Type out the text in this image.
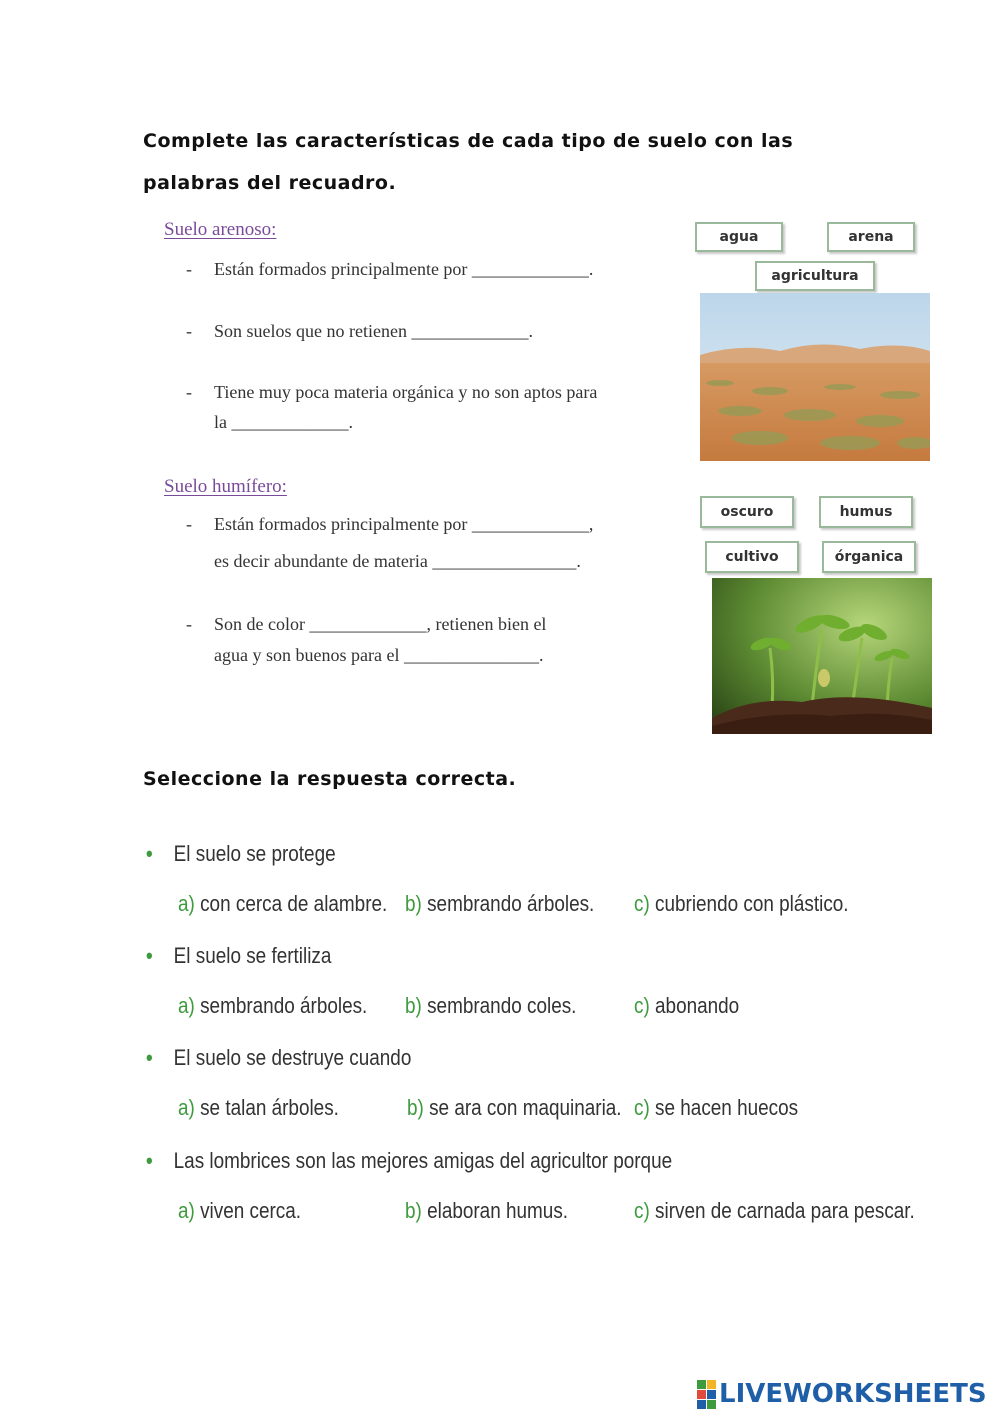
Complete las características de cada tipo de suelo con las
palabras del recuadro.
Suelo arenoso:
- Están formados principalmente por _____________.
- Son suelos que no retienen _____________.
- Tiene muy poca materia orgánica y no son aptos para
la _____________.
agua	arena
agricultura
Suelo humífero:
- Están formados principalmente por _____________,
es decir abundante de materia ________________.
- Son de color _____________, retienen bien el
agua y son buenos para el _______________.
oscuro	humus
cultivo	órganica
Seleccione la respuesta correcta.
• El suelo se protege
a) con cerca de alambre. b) sembrando árboles. c) cubriendo con plástico.
• El suelo se fertiliza
a) sembrando árboles. b) sembrando coles.	c) abonando
• El suelo se destruye cuando
a) se talan árboles.	b) se ara con maquinaria. c) se hacen huecos
• Las lombrices son las mejores amigas del agricultor porque
a) viven cerca.	b) elaboran humus.	c) sirven de carnada para pescar.
LIVEWORKSHEETS
